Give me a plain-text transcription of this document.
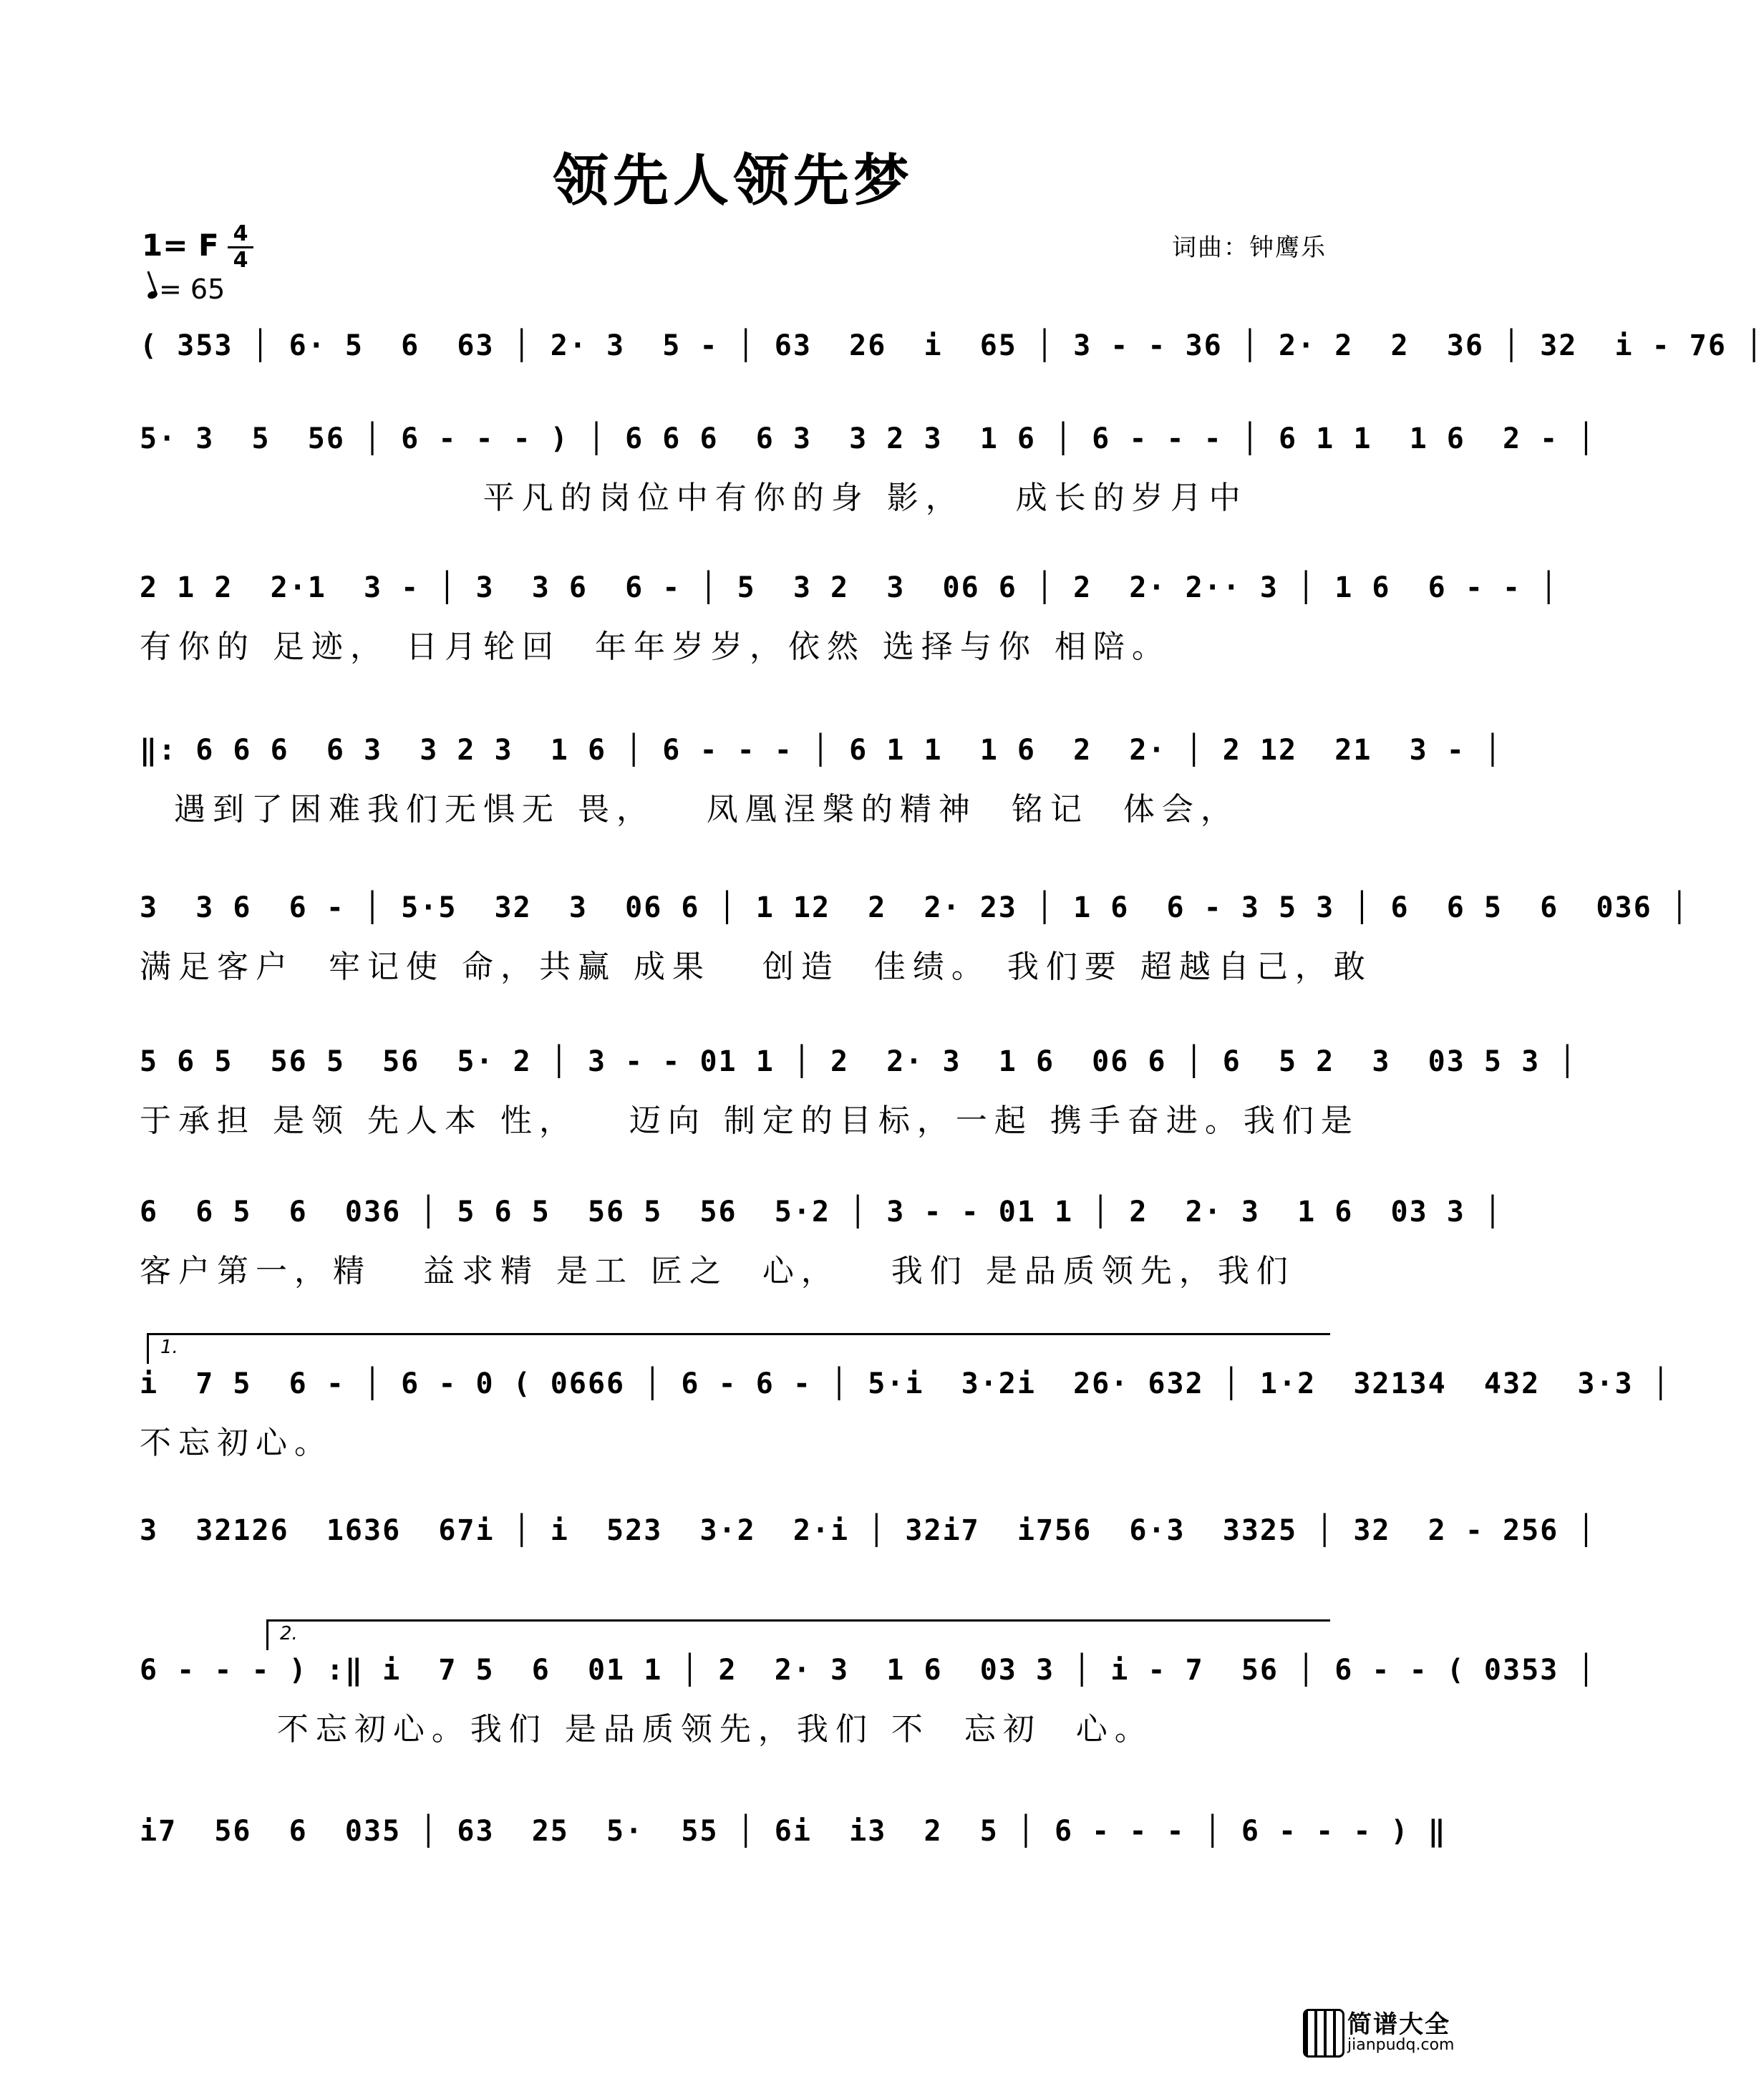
领先人领先梦
1= F 4
4
= 65
词曲：钟鹰乐
( 353 │ 6· 5  6  63 │ 2· 3  5 - │ 63  26  i  65 │ 3 - - 36 │ 2· 2  2  36 │ 32  i - 76 │
5· 3  5  56 │ 6 - - - ) │ 6 6 6  6 3  3 2 3  1 6 │ 6 - - - │ 6 1 1  1 6  2 - │
平凡的岗位中有你的身 影，   成长的岁月中
2 1 2  2·1  3 - │ 3  3 6  6 - │ 5  3 2  3  06 6 │ 2  2· 2·· 3 │ 1 6  6 - - │
有你的 足迹， 日月轮回  年年岁岁，依然 选择与你 相陪。
‖: 6 6 6  6 3  3 2 3  1 6 │ 6 - - - │ 6 1 1  1 6  2  2· │ 2 12  21  3 - │
遇到了困难我们无惧无 畏，   凤凰涅槃的精神  铭记  体会，
3  3 6  6 - │ 5·5  32  3  06 6 │ 1 12  2  2· 23 │ 1 6  6 - 3 5 3 │ 6  6 5  6  036 │
满足客户  牢记使 命，共赢 成果   创造  佳绩。 我们要 超越自己，敢
5 6 5  56 5  56  5· 2 │ 3 - - 01 1 │ 2  2· 3  1 6  06 6 │ 6  5 2  3  03 5 3 │
于承担 是领 先人本 性，   迈向 制定的目标，一起 携手奋进。我们是
6  6 5  6  036 │ 5 6 5  56 5  56  5·2 │ 3 - - 01 1 │ 2  2· 3  1 6  03 3 │
客户第一，精   益求精 是工 匠之  心，   我们 是品质领先，我们
1.
i  7 5  6 - │ 6 - 0 ( 0666 │ 6 - 6 - │ 5·i  3·2i  26· 632 │ 1·2  32134  432  3·3 │
不忘初心。
3  32126  1636  67i │ i  523  3·2  2·i │ 32i7  i756  6·3  3325 │ 32  2 - 256 │
2.
6 - - - ) :‖ i  7 5  6  01 1 │ 2  2· 3  1 6  03 3 │ i - 7  56 │ 6 - - ( 0353 │
不忘初心。我们 是品质领先，我们 不  忘初  心。
i7  56  6  035 │ 63  25  5·  55 │ 6i  i3  2  5 │ 6 - - - │ 6 - - - ) ‖
简谱大全
jianpudq.com
